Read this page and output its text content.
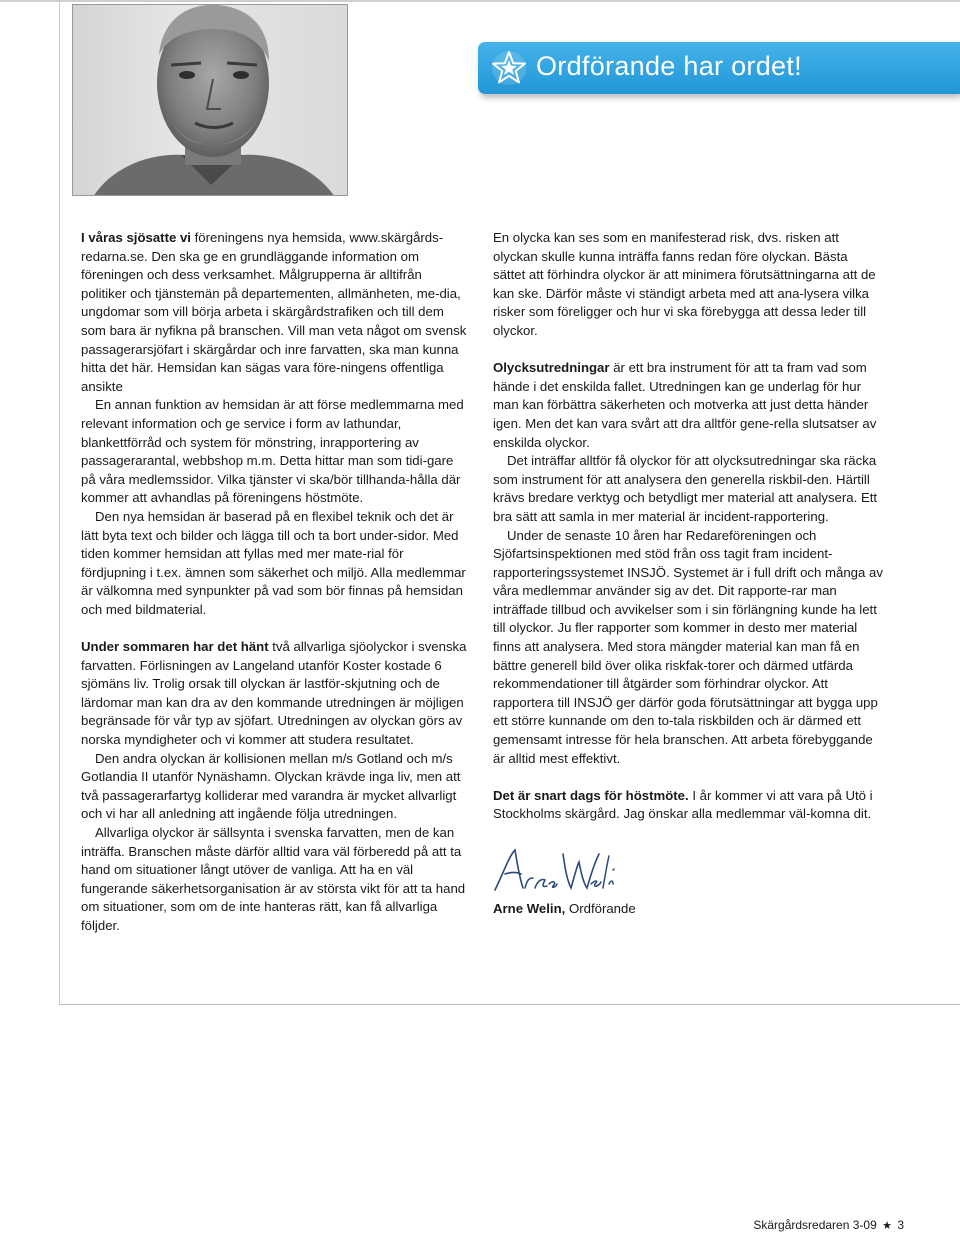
Ordförande har ordet!

I våras sjösatte vi föreningens nya hemsida, www.skärgårds-redarna.se. Den ska ge en grundläggande information om föreningen och dess verksamhet. Målgrupperna är alltifrån politiker och tjänstemän på departementen, allmänheten, me-dia, ungdomar som vill börja arbeta i skärgårdstrafiken och till dem som bara är nyfikna på branschen. Vill man veta något om svensk passagerarsjöfart i skärgårdar och inre farvatten, ska man kunna hitta det här. Hemsidan kan sägas vara före-ningens offentliga ansikte

En annan funktion av hemsidan är att förse medlemmarna med relevant information och ge service i form av lathundar, blankettförråd och system för mönstring, inrapportering av passagerarantal, webbshop m.m. Detta hittar man som tidi-gare på våra medlemssidor. Vilka tjänster vi ska/bör tillhanda-hålla där kommer att avhandlas på föreningens höstmöte.

Den nya hemsidan är baserad på en flexibel teknik och det är lätt byta text och bilder och lägga till och ta bort under-sidor. Med tiden kommer hemsidan att fyllas med mer mate-rial för fördjupning i t.ex. ämnen som säkerhet och miljö. Alla medlemmar är välkomna med synpunkter på vad som bör finnas på hemsidan och med bildmaterial.

Under sommaren har det hänt två allvarliga sjöolyckor i svenska farvatten. Förlisningen av Langeland utanför Koster kostade 6 sjömäns liv. Trolig orsak till olyckan är lastför-skjutning och de lärdomar man kan dra av den kommande utredningen är möjligen begränsade för vår typ av sjöfart. Utredningen av olyckan görs av norska myndigheter och vi kommer att studera resultatet.

Den andra olyckan är kollisionen mellan m/s Gotland och m/s Gotlandia II utanför Nynäshamn. Olyckan krävde inga liv, men att två passagerarfartyg kolliderar med varandra är mycket allvarligt och vi har all anledning att ingående följa utredningen.

Allvarliga olyckor är sällsynta i svenska farvatten, men de kan inträffa. Branschen måste därför alltid vara väl förberedd på att ta hand om situationer långt utöver de vanliga. Att ha en väl fungerande säkerhetsorganisation är av största vikt för att ta hand om situationer, som om de inte hanteras rätt, kan få allvarliga följder.

En olycka kan ses som en manifesterad risk, dvs. risken att olyckan skulle kunna inträffa fanns redan före olyckan. Bästa sättet att förhindra olyckor är att minimera förutsättningarna att de kan ske. Därför måste vi ständigt arbeta med att ana-lysera vilka risker som föreligger och hur vi ska förebygga att dessa leder till olyckor.

Olycksutredningar är ett bra instrument för att ta fram vad som hände i det enskilda fallet. Utredningen kan ge underlag för hur man kan förbättra säkerheten och motverka att just detta händer igen. Men det kan vara svårt att dra alltför gene-rella slutsatser av enskilda olyckor.

Det inträffar alltför få olyckor för att olycksutredningar ska räcka som instrument för att analysera den generella riskbil-den. Härtill krävs bredare verktyg och betydligt mer material att analysera. Ett bra sätt att samla in mer material är incident-rapportering.

Under de senaste 10 åren har Redareföreningen och Sjöfartsinspektionen med stöd från oss tagit fram incident-rapporteringssystemet INSJÖ. Systemet är i full drift och många av våra medlemmar använder sig av det. Dit rapporte-rar man inträffade tillbud och avvikelser som i sin förlängning kunde ha lett till olyckor. Ju fler rapporter som kommer in desto mer material finns att analysera. Med stora mängder material kan man få en bättre generell bild över olika riskfak-torer och därmed utfärda rekommendationer till åtgärder som förhindrar olyckor. Att rapportera till INSJÖ ger därför goda förutsättningar att bygga upp ett större kunnande om den to-tala riskbilden och är därmed ett gemensamt intresse för hela branschen. Att arbeta förebyggande är alltid mest effektivt.

Det är snart dags för höstmöte. I år kommer vi att vara på Utö i Stockholms skärgård. Jag önskar alla medlemmar väl-komna dit.

Arne Welin, Ordförande

Skärgårdsredaren 3-09 ★ 3
